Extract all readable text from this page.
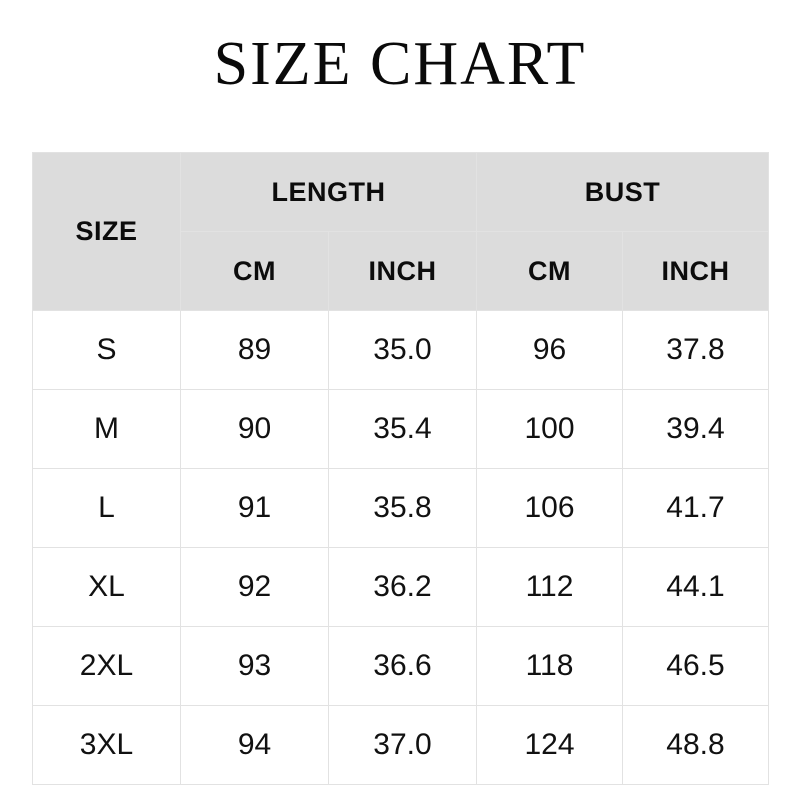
SIZE CHART
SIZE	LENGTH		BUST	
	CM	INCH	CM	INCH
S	89	35.0	96	37.8
M	90	35.4	100	39.4
L	91	35.8	106	41.7
XL	92	36.2	112	44.1
2XL	93	36.6	118	46.5
3XL	94	37.0	124	48.8
